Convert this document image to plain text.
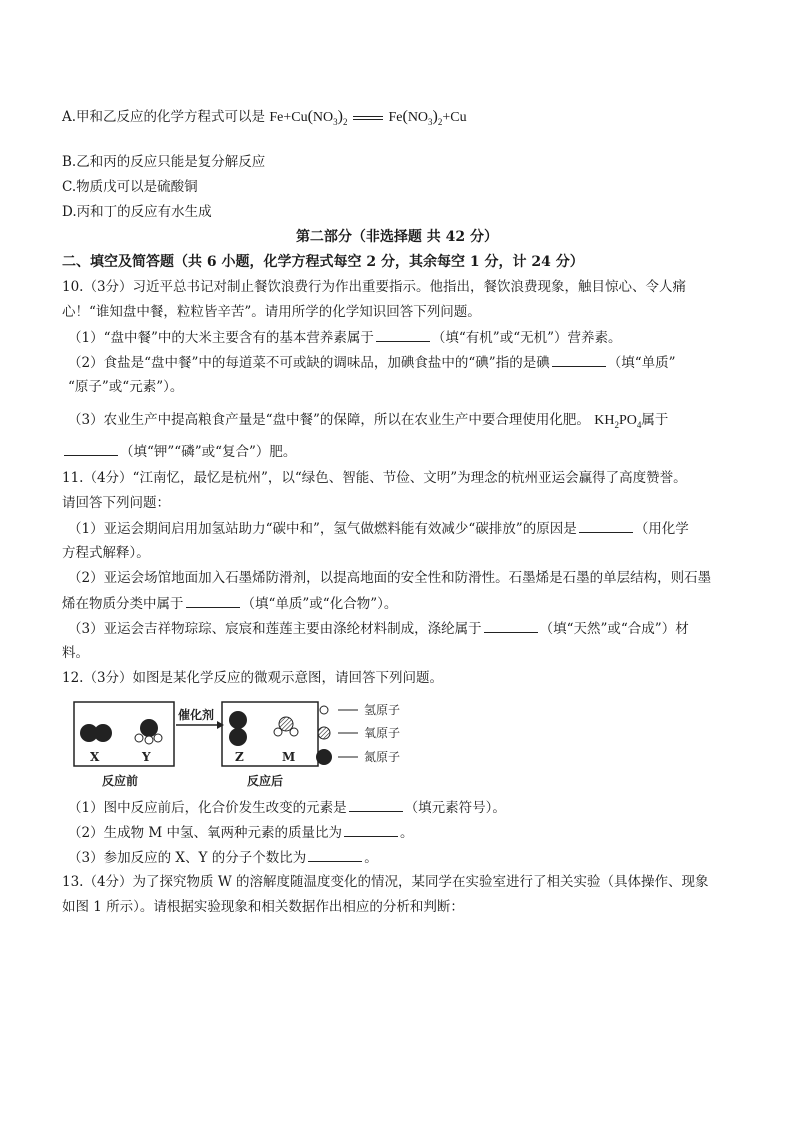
A.甲和乙反应的化学方程式可以是 $Fe+Cu(NO_3)_2$	$Fe(NO_3)_2+Cu$
B.乙和丙的反应只能是复分解反应
C.物质戊可以是硫酸铜
D.丙和丁的反应有水生成
第二部分（非选择题 共 42 分）
二、填空及简答题（共 6 小题，化学方程式每空 2 分，其余每空 1 分，计 24 分）
10.（3分）习近平总书记对制止餐饮浪费行为作出重要指示。他指出，餐饮浪费现象，触目惊心、令人痛
心！“谁知盘中餐，粒粒皆辛苦”。请用所学的化学知识回答下列问题。
（1）“盘中餐”中的大米主要含有的基本营养素属于	（填“有机”或“无机”）营养素。
（2）食盐是“盘中餐”中的每道菜不可或缺的调味品，加碘食盐中的“碘”指的是碘	（填“单质”
“原子”或“元素”）。
（3）农业生产中提高粮食产量是“盘中餐”的保障，所以在农业生产中要合理使用化肥。 $KH_2PO_4$属于
（填“钾”“磷”或“复合”）肥。
11.（4分）“江南忆，最忆是杭州”，以“绿色、智能、节俭、文明”为理念的杭州亚运会赢得了高度赞誉。
请回答下列问题：
（1）亚运会期间启用加氢站助力“碳中和”，氢气做燃料能有效减少“碳排放”的原因是	（用化学
方程式解释）。
（2）亚运会场馆地面加入石墨烯防滑剂，以提高地面的安全性和防滑性。石墨烯是石墨的单层结构，则石墨
烯在物质分类中属于	（填“单质”或“化合物”）。
（3）亚运会吉祥物琮琮、宸宸和莲莲主要由涤纶材料制成，涤纶属于	（填“天然”或“合成”）材
料。
12.（3分）如图是某化学反应的微观示意图，请回答下列问题。
X	Y
反应前
催化剂
Z	M
反应后
氢原子
氧原子
氮原子
（1）图中反应前后，化合价发生改变的元素是	（填元素符号）。
（2）生成物 M 中氢、氧两种元素的质量比为	。
（3）参加反应的 X、Y 的分子个数比为	。
13.（4分）为了探究物质 W 的溶解度随温度变化的情况，某同学在实验室进行了相关实验（具体操作、现象
如图 1 所示）。请根据实验现象和相关数据作出相应的分析和判断：
